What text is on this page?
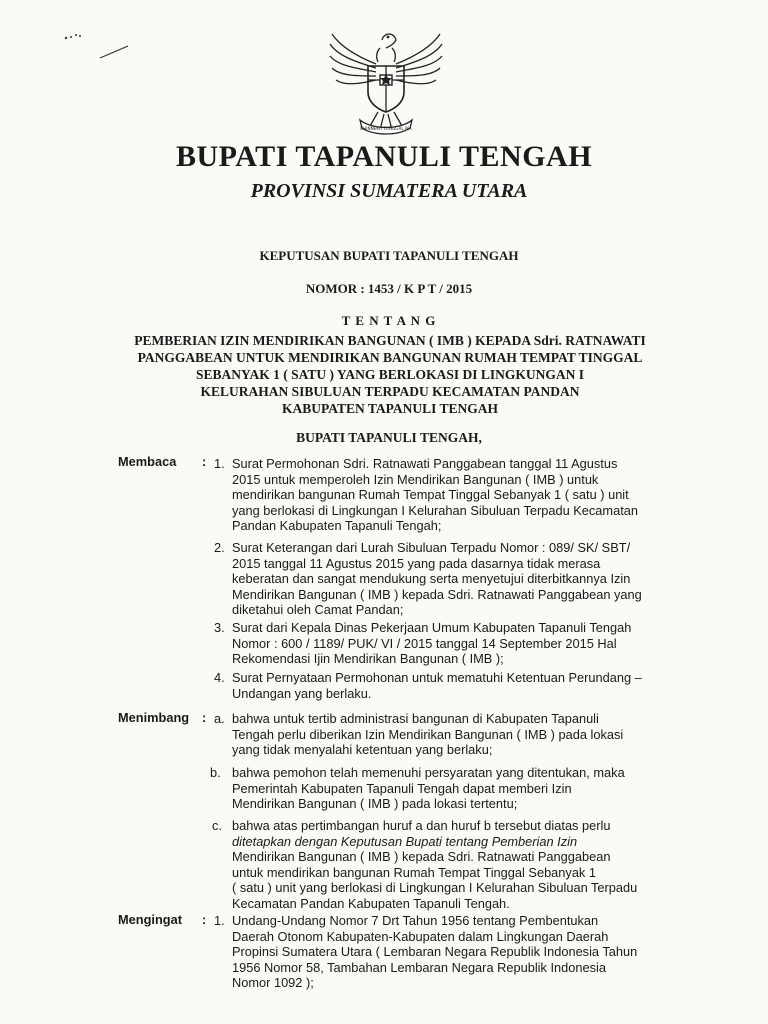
BHINNEKA TUNGGAL IKA
BUPATI TAPANULI TENGAH
PROVINSI SUMATERA UTARA
KEPUTUSAN BUPATI TAPANULI TENGAH
NOMOR : 1453 / K P T / 2015
T E N T A N G
PEMBERIAN IZIN MENDIRIKAN BANGUNAN ( IMB ) KEPADA Sdri. RATNAWATI
PANGGABEAN UNTUK MENDIRIKAN BANGUNAN RUMAH TEMPAT TINGGAL
SEBANYAK 1 ( SATU ) YANG BERLOKASI DI LINGKUNGAN I
KELURAHAN SIBULUAN TERPADU KECAMATAN PANDAN
KABUPATEN TAPANULI TENGAH
BUPATI TAPANULI TENGAH,
Membaca : 1. Surat Permohonan Sdri. Ratnawati Panggabean tanggal 11 Agustus
2015 untuk memperoleh Izin Mendirikan Bangunan ( IMB ) untuk
mendirikan bangunan Rumah Tempat Tinggal Sebanyak 1 ( satu ) unit
yang berlokasi di Lingkungan I Kelurahan Sibuluan Terpadu Kecamatan
Pandan Kabupaten Tapanuli Tengah;
2. Surat Keterangan dari Lurah Sibuluan Terpadu Nomor : 089/ SK/ SBT/
2015 tanggal 11 Agustus 2015 yang pada dasarnya tidak merasa
keberatan dan sangat mendukung serta menyetujui diterbitkannya Izin
Mendirikan Bangunan ( IMB ) kepada Sdri. Ratnawati Panggabean yang
diketahui oleh Camat Pandan;
3. Surat dari Kepala Dinas Pekerjaan Umum Kabupaten Tapanuli Tengah
Nomor : 600 / 1189/ PUK/ VI / 2015 tanggal 14 September 2015 Hal
Rekomendasi Ijin Mendirikan Bangunan ( IMB );
4. Surat Pernyataan Permohonan untuk mematuhi Ketentuan Perundang –
Undangan yang berlaku.
Menimbang : a. bahwa untuk tertib administrasi bangunan di Kabupaten Tapanuli
Tengah perlu diberikan Izin Mendirikan Bangunan ( IMB ) pada lokasi
yang tidak menyalahi ketentuan yang berlaku;
b. bahwa pemohon telah memenuhi persyaratan yang ditentukan, maka
Pemerintah Kabupaten Tapanuli Tengah dapat memberi Izin
Mendirikan Bangunan ( IMB ) pada lokasi tertentu;
c. bahwa atas pertimbangan huruf a dan huruf b tersebut diatas perlu
ditetapkan dengan Keputusan Bupati tentang Pemberian Izin
Mendirikan Bangunan ( IMB ) kepada Sdri. Ratnawati Panggabean
untuk mendirikan bangunan Rumah Tempat Tinggal Sebanyak 1
( satu ) unit yang berlokasi di Lingkungan I Kelurahan Sibuluan Terpadu
Kecamatan Pandan Kabupaten Tapanuli Tengah.
Mengingat : 1. Undang-Undang Nomor 7 Drt Tahun 1956 tentang Pembentukan
Daerah Otonom Kabupaten-Kabupaten dalam Lingkungan Daerah
Propinsi Sumatera Utara ( Lembaran Negara Republik Indonesia Tahun
1956 Nomor 58, Tambahan Lembaran Negara Republik Indonesia
Nomor 1092 );
